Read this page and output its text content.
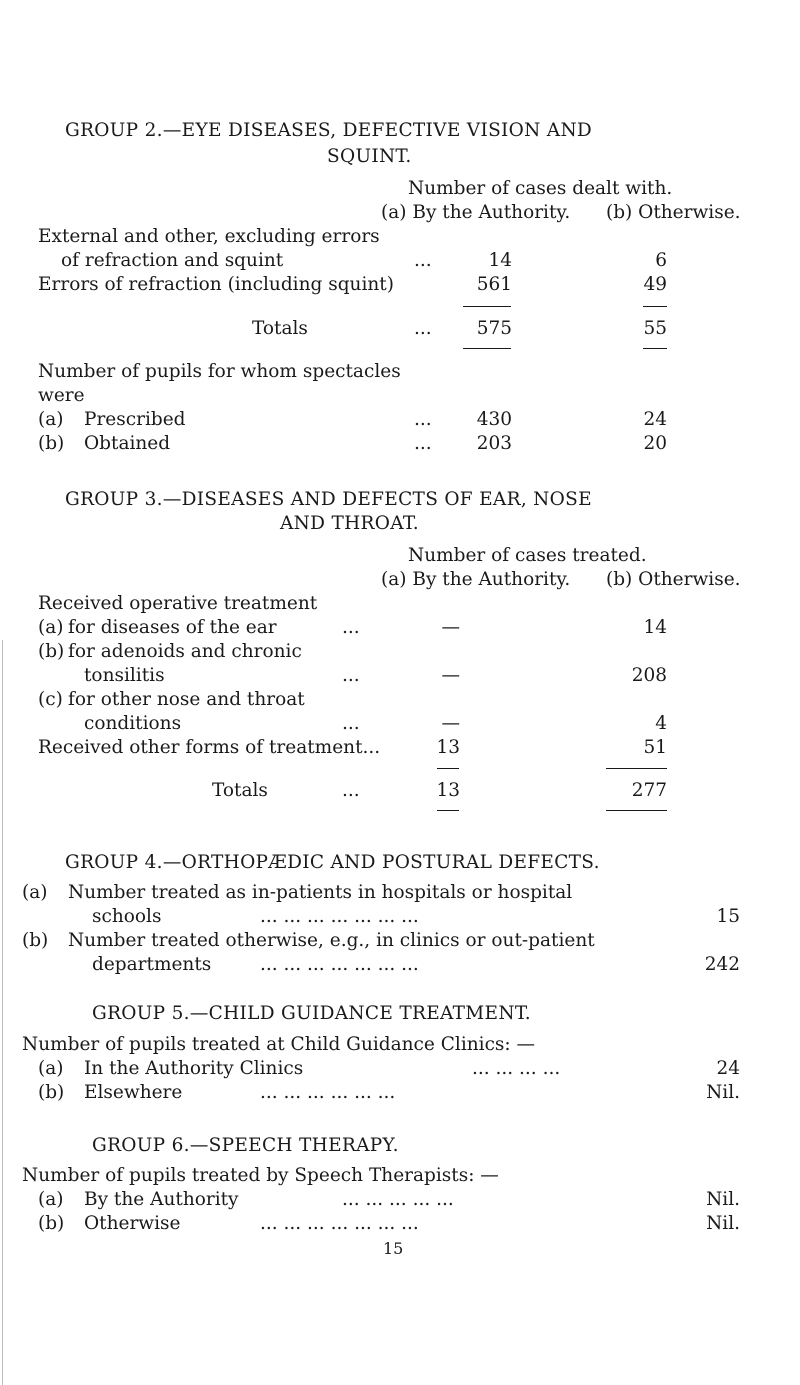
GROUP 2.—EYE DISEASES, DEFECTIVE VISION AND
SQUINT.
Number of cases dealt with.
(a) By the Authority. (b) Otherwise.
External and other, excluding errors
of refraction and squint	...	14	6
Errors of refraction (including squint)	561	49
Totals	...	575	55
Number of pupils for whom spectacles
were
(a) Prescribed	...	430	24
(b) Obtained	...	203	20
GROUP 3.—DISEASES AND DEFECTS OF EAR, NOSE
AND THROAT.
Number of cases treated.
(a) By the Authority. (b) Otherwise.
Received operative treatment
(a) for diseases of the ear	...	—	14
(b) for adenoids and chronic
tonsilitis	...	—	208
(c) for other nose and throat
conditions	...	—	4
Received other forms of treatment...	13	51
Totals	...	13	277
GROUP 4.—ORTHOPÆDIC AND POSTURAL DEFECTS.
(a) Number treated as in-patients in hospitals or hospital
schools	... ... ... ... ... ... ...	15
(b) Number treated otherwise, e.g., in clinics or out-patient
departments	... ... ... ... ... ... ...	242
GROUP 5.—CHILD GUIDANCE TREATMENT.
Number of pupils treated at Child Guidance Clinics: —
(a) In the Authority Clinics	... ... ... ...	24
(b) Elsewhere	... ... ... ... ... ...	Nil.
GROUP 6.—SPEECH THERAPY.
Number of pupils treated by Speech Therapists: —
(a) By the Authority	... ... ... ... ...	Nil.
(b) Otherwise	... ... ... ... ... ... ...	Nil.
15
